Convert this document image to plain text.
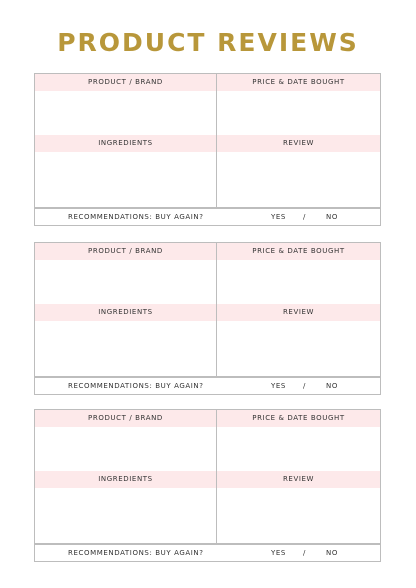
PRODUCT REVIEWS
PRODUCT / BRAND	PRICE & DATE BOUGHT
INGREDIENTS	REVIEW
RECOMMENDATIONS: BUY AGAIN?	YES /	NO
PRODUCT / BRAND	PRICE & DATE BOUGHT
INGREDIENTS	REVIEW
RECOMMENDATIONS: BUY AGAIN?	YES /	NO
PRODUCT / BRAND	PRICE & DATE BOUGHT
INGREDIENTS	REVIEW
RECOMMENDATIONS: BUY AGAIN?	YES /	NO
